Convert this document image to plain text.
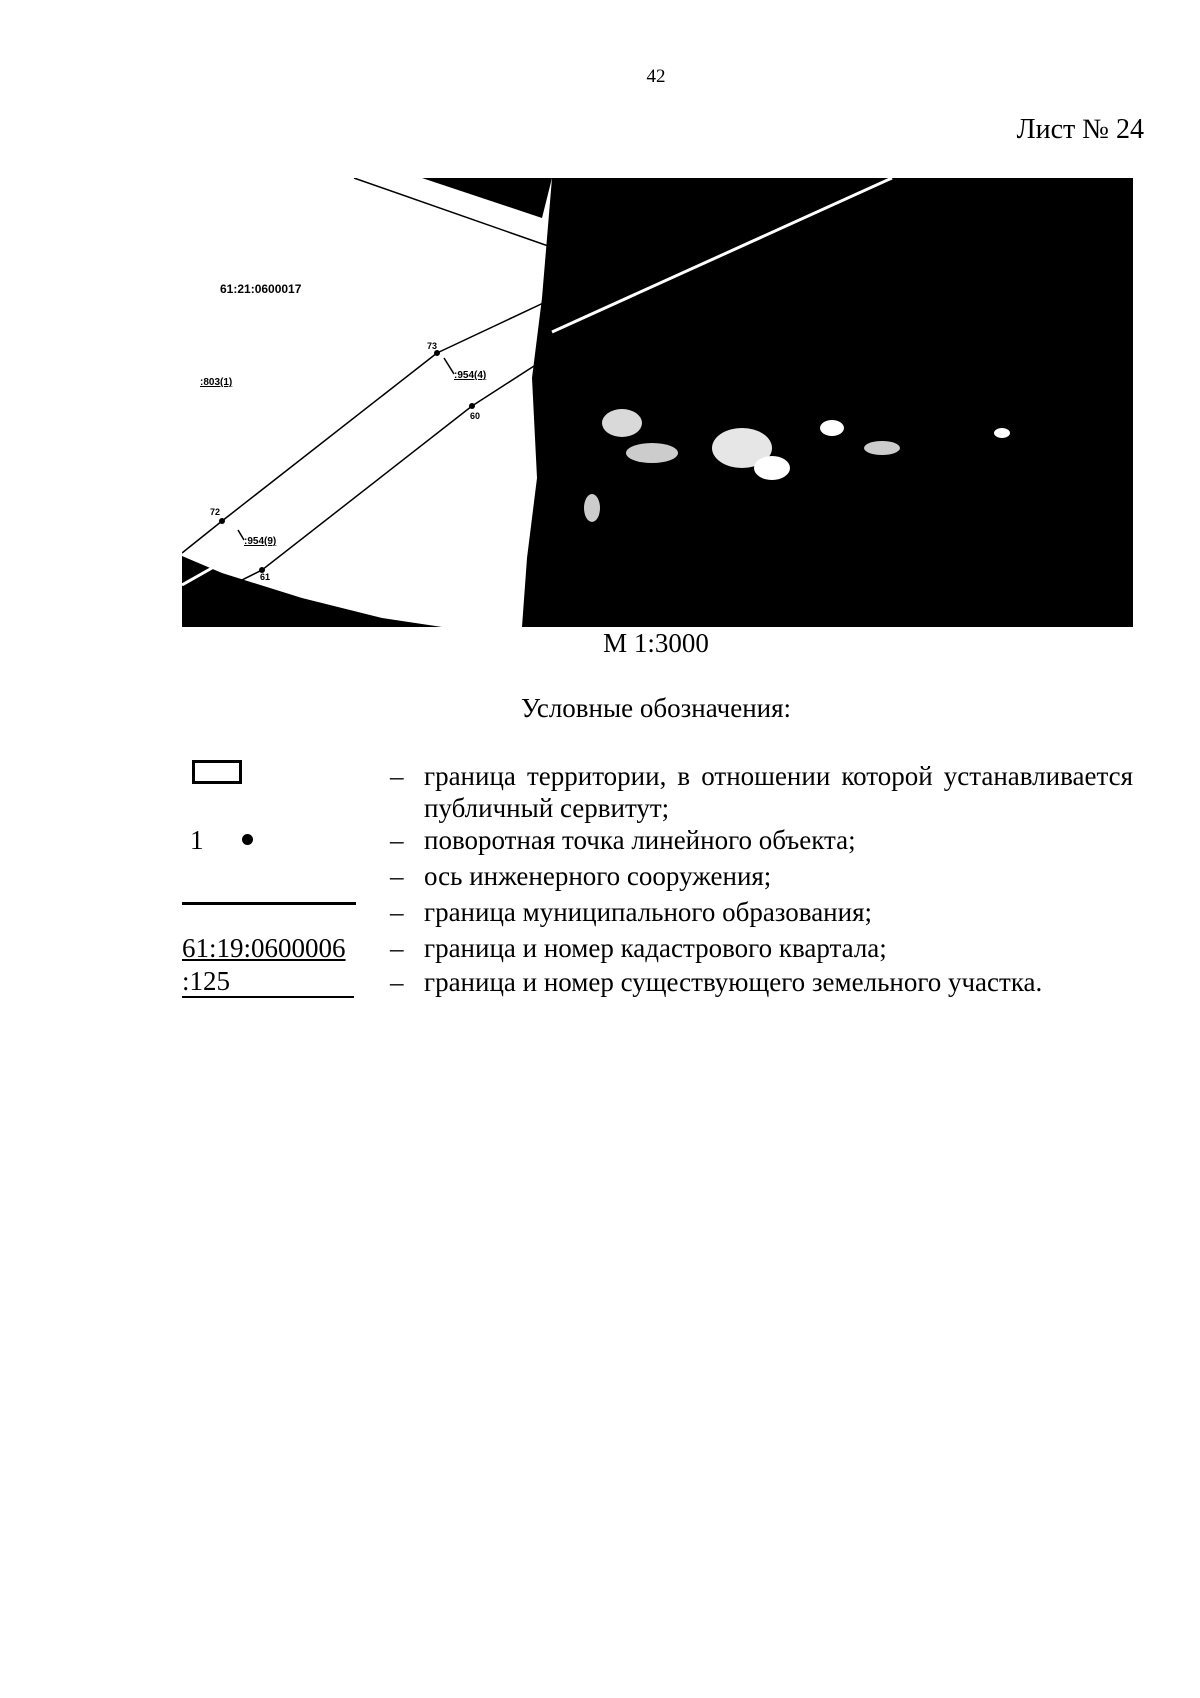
42
Лист № 24
61:21:0600017
:803(1)
:954(4)
:954(9)
73
60
72
61
М 1:3000
Условные обозначения:
– граница территории, в отношении которой устанавливается публичный сервитут;
1	– поворотная точка линейного объекта;
– ось инженерного сооружения;
– граница муниципального образования;
61:19:0600006 – граница и номер кадастрового квартала;
:125	– граница и номер существующего земельного участка.
